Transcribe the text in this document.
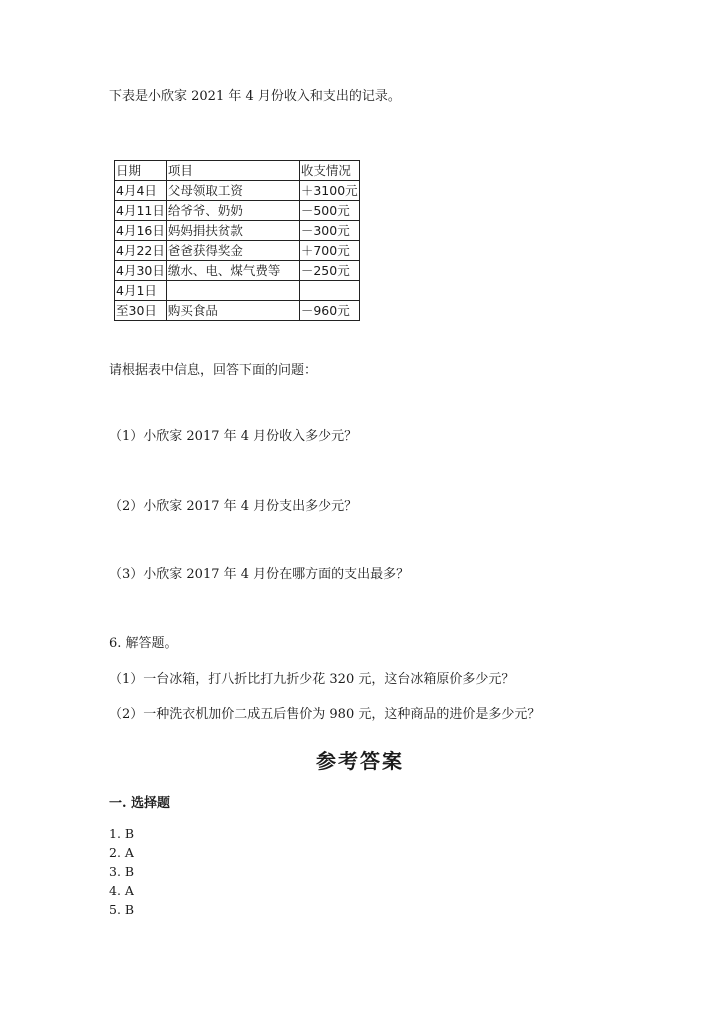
下表是小欣家 2021 年 4 月份收入和支出的记录。
日期	项目	收支情况
4月4日	父母领取工资	＋3100元
4月11日	给爷爷、奶奶	－500元
4月16日	妈妈捐扶贫款	－300元
4月22日	爸爸获得奖金	＋700元
4月30日	缴水、电、煤气费等	－250元
4月1日		
至30日	购买食品	－960元
请根据表中信息，回答下面的问题：
（1）小欣家 2017 年 4 月份收入多少元？
（2）小欣家 2017 年 4 月份支出多少元？
（3）小欣家 2017 年 4 月份在哪方面的支出最多？
6. 解答题。
（1）一台冰箱，打八折比打九折少花 320 元，这台冰箱原价多少元？
（2）一种洗衣机加价二成五后售价为 980 元，这种商品的进价是多少元？
参考答案
一. 选择题
1. B
2. A
3. B
4. A
5. B
